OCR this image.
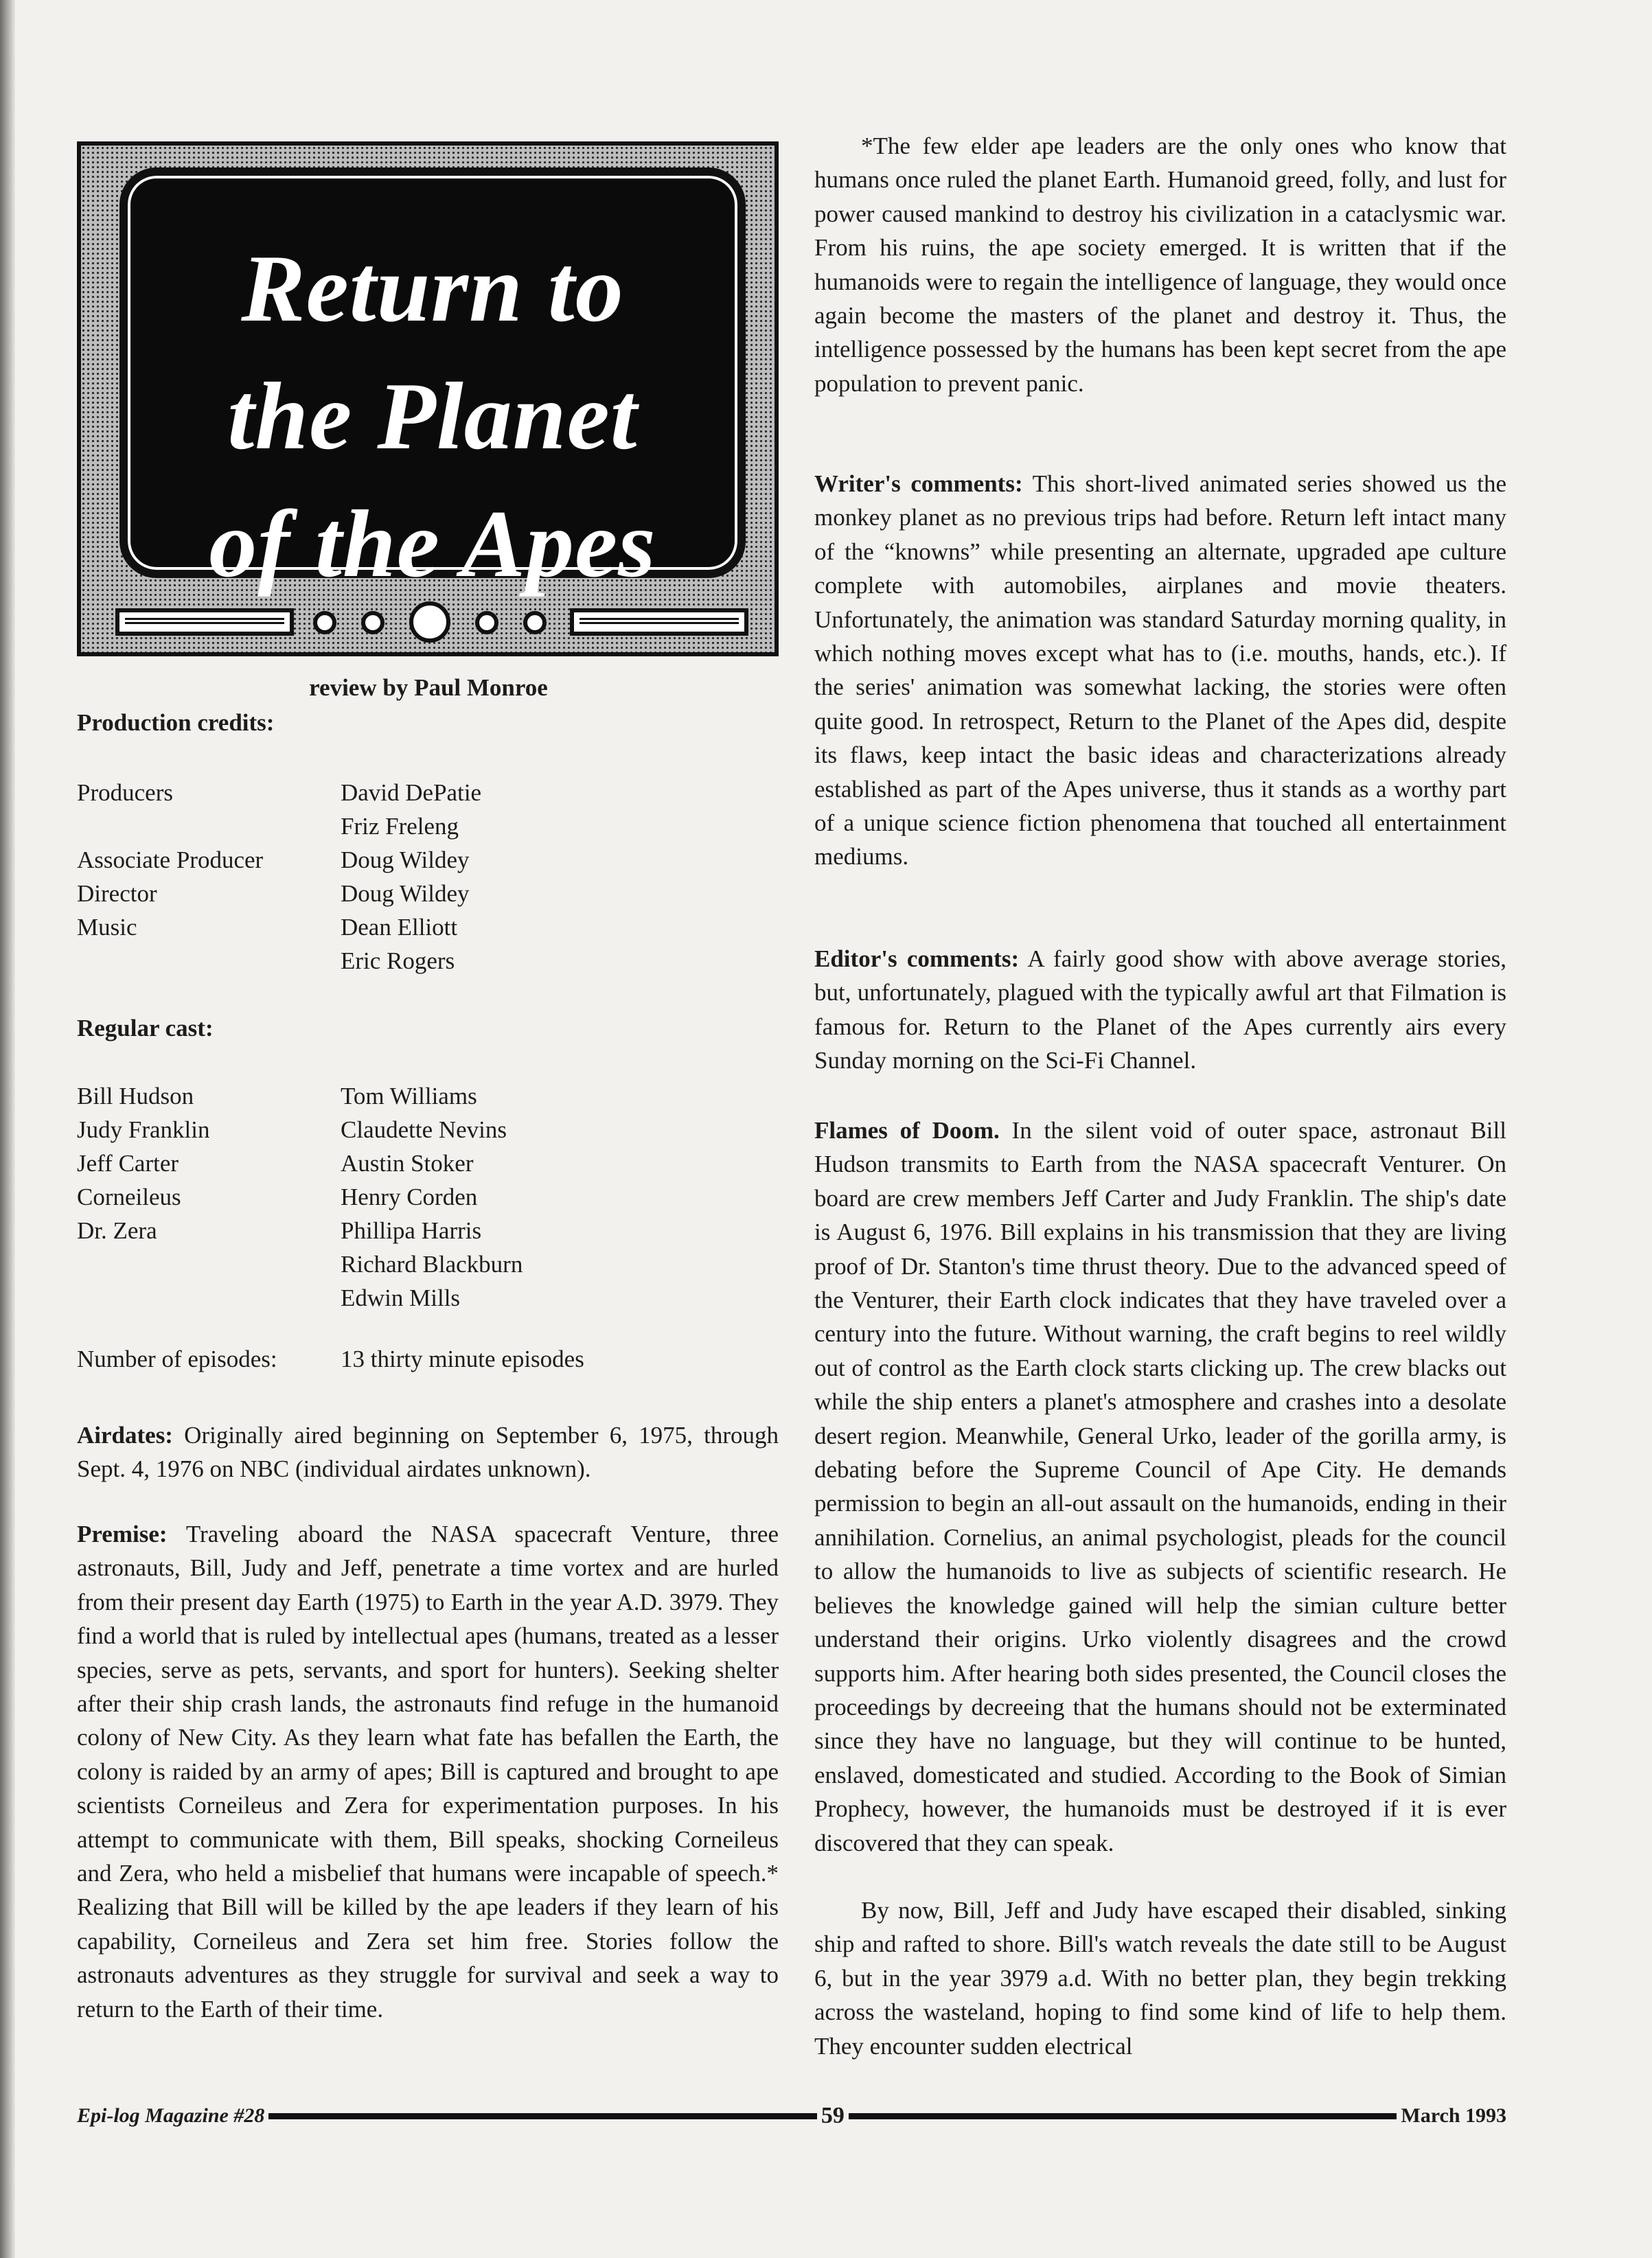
Return to
the Planet
of the Apes
review by Paul Monroe
Production credits:
Producers	David DePatie
Friz Freleng
Associate Producer	Doug Wildey
Director	Doug Wildey
Music	Dean Elliott
Eric Rogers
Regular cast:
Bill Hudson	Tom Williams
Judy Franklin	Claudette Nevins
Jeff Carter	Austin Stoker
Corneileus	Henry Corden
Dr. Zera	Phillipa Harris
Richard Blackburn
Edwin Mills
Number of episodes:	13 thirty minute episodes

Airdates: Originally aired beginning on September 6, 1975, through Sept. 4, 1976 on NBC (individual airdates unknown).

Premise: Traveling aboard the NASA spacecraft Venture, three astronauts, Bill, Judy and Jeff, penetrate a time vortex and are hurled from their present day Earth (1975) to Earth in the year A.D. 3979. They find a world that is ruled by intellectual apes (humans, treated as a lesser species, serve as pets, servants, and sport for hunters). Seeking shelter after their ship crash lands, the astronauts find refuge in the humanoid colony of New City. As they learn what fate has befallen the Earth, the colony is raided by an army of apes; Bill is captured and brought to ape scientists Corneileus and Zera for experimentation purposes. In his attempt to communicate with them, Bill speaks, shocking Corneileus and Zera, who held a misbelief that humans were incapable of speech.* Realizing that Bill will be killed by the ape leaders if they learn of his capability, Corneileus and Zera set him free. Stories follow the astronauts adventures as they struggle for survival and seek a way to return to the Earth of their time.

*The few elder ape leaders are the only ones who know that humans once ruled the planet Earth. Humanoid greed, folly, and lust for power caused mankind to destroy his civilization in a cataclysmic war. From his ruins, the ape society emerged. It is written that if the humanoids were to regain the intelligence of language, they would once again become the masters of the planet and destroy it. Thus, the intelligence possessed by the humans has been kept secret from the ape population to prevent panic.

Writer's comments: This short-lived animated series showed us the monkey planet as no previous trips had before. Return left intact many of the “knowns” while presenting an alternate, upgraded ape culture complete with automobiles, airplanes and movie theaters. Unfortunately, the animation was standard Saturday morning quality, in which nothing moves except what has to (i.e. mouths, hands, etc.). If the series' animation was somewhat lacking, the stories were often quite good. In retrospect, Return to the Planet of the Apes did, despite its flaws, keep intact the basic ideas and characterizations already established as part of the Apes universe, thus it stands as a worthy part of a unique science fiction phenomena that touched all entertainment mediums.

Editor's comments: A fairly good show with above average stories, but, unfortunately, plagued with the typically awful art that Filmation is famous for. Return to the Planet of the Apes currently airs every Sunday morning on the Sci-Fi Channel.

Flames of Doom. In the silent void of outer space, astronaut Bill Hudson transmits to Earth from the NASA spacecraft Venturer. On board are crew members Jeff Carter and Judy Franklin. The ship's date is August 6, 1976. Bill explains in his transmission that they are living proof of Dr. Stanton's time thrust theory. Due to the advanced speed of the Venturer, their Earth clock indicates that they have traveled over a century into the future. Without warning, the craft begins to reel wildly out of control as the Earth clock starts clicking up. The crew blacks out while the ship enters a planet's atmosphere and crashes into a desolate desert region. Meanwhile, General Urko, leader of the gorilla army, is debating before the Supreme Council of Ape City. He demands permission to begin an all-out assault on the humanoids, ending in their annihilation. Cornelius, an animal psychologist, pleads for the council to allow the humanoids to live as subjects of scientific research. He believes the knowledge gained will help the simian culture better understand their origins. Urko violently disagrees and the crowd supports him. After hearing both sides presented, the Council closes the proceedings by decreeing that the humans should not be exterminated since they have no language, but they will continue to be hunted, enslaved, domesticated and studied. According to the Book of Simian Prophecy, however, the humanoids must be destroyed if it is ever discovered that they can speak.

By now, Bill, Jeff and Judy have escaped their disabled, sinking ship and rafted to shore. Bill's watch reveals the date still to be August 6, but in the year 3979 a.d. With no better plan, they begin trekking across the wasteland, hoping to find some kind of life to help them. They encounter sudden electrical

Epi-log Magazine #28	59	March 1993
